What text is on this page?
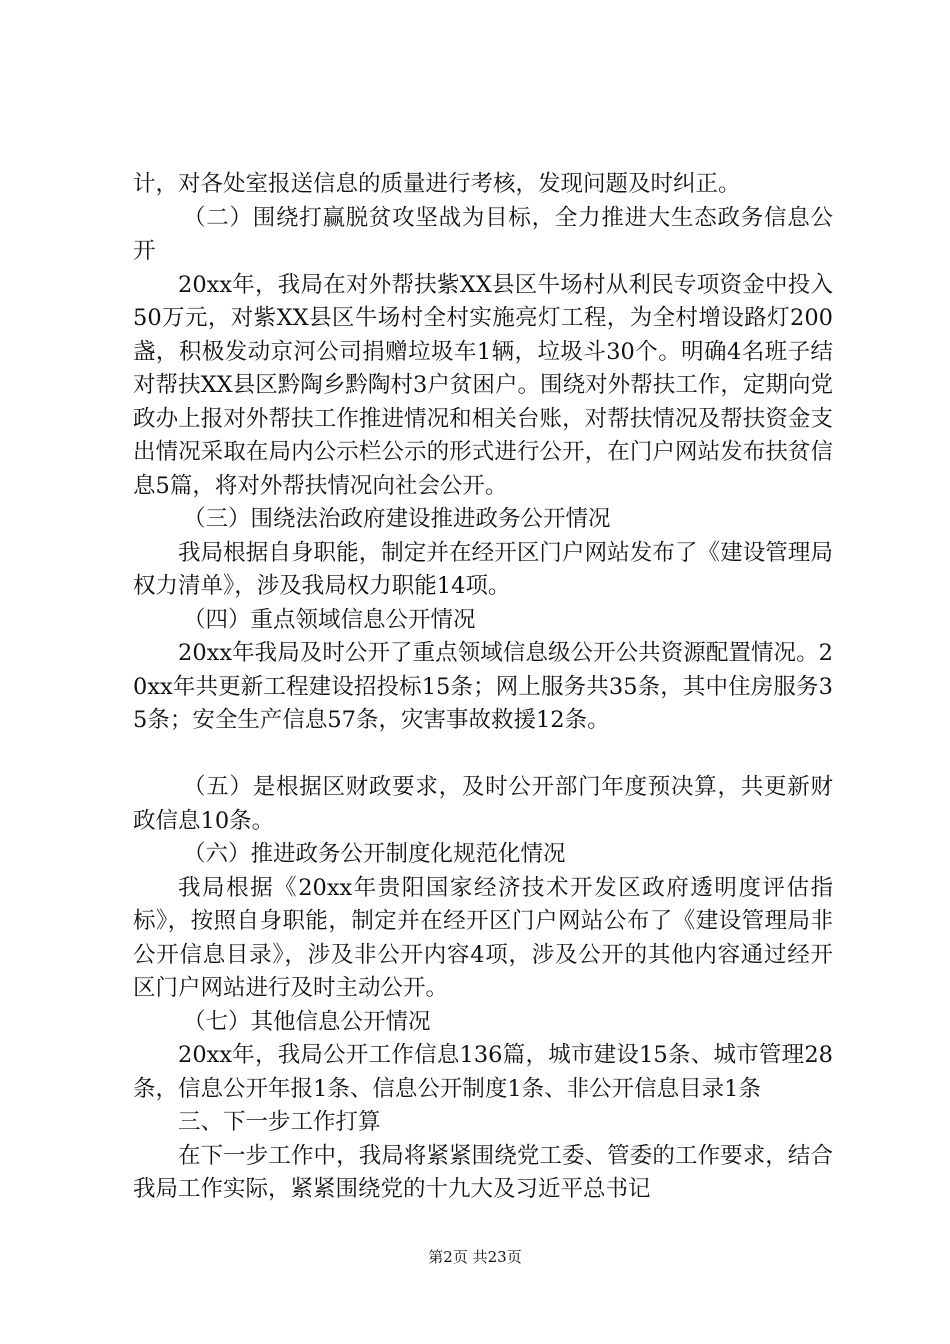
计，对各处室报送信息的质量进行考核，发现问题及时纠正。

（二）围绕打赢脱贫攻坚战为目标，全力推进大生态政务信息公开

20xx年，我局在对外帮扶紫XX县区牛场村从利民专项资金中投入50万元，对紫XX县区牛场村全村实施亮灯工程，为全村增设路灯200盏，积极发动京河公司捐赠垃圾车1辆，垃圾斗30个。明确4名班子结对帮扶XX县区黔陶乡黔陶村3户贫困户。围绕对外帮扶工作，定期向党政办上报对外帮扶工作推进情况和相关台账，对帮扶情况及帮扶资金支出情况采取在局内公示栏公示的形式进行公开，在门户网站发布扶贫信息5篇，将对外帮扶情况向社会公开。

（三）围绕法治政府建设推进政务公开情况

我局根据自身职能，制定并在经开区门户网站发布了《建设管理局权力清单》，涉及我局权力职能14项。

（四）重点领域信息公开情况

20xx年我局及时公开了重点领域信息级公开公共资源配置情况。20xx年共更新工程建设招投标15条；网上服务共35条，其中住房服务35条；安全生产信息57条，灾害事故救援12条。

（五）是根据区财政要求，及时公开部门年度预决算，共更新财政信息10条。

（六）推进政务公开制度化规范化情况

我局根据《20xx年贵阳国家经济技术开发区政府透明度评估指标》，按照自身职能，制定并在经开区门户网站公布了《建设管理局非公开信息目录》，涉及非公开内容4项，涉及公开的其他内容通过经开区门户网站进行及时主动公开。

（七）其他信息公开情况

20xx年，我局公开工作信息136篇，城市建设15条、城市管理28条，信息公开年报1条、信息公开制度1条、非公开信息目录1条

三、下一步工作打算

在下一步工作中，我局将紧紧围绕党工委、管委的工作要求，结合我局工作实际，紧紧围绕党的十九大及习近平总书记

第2页 共23页
